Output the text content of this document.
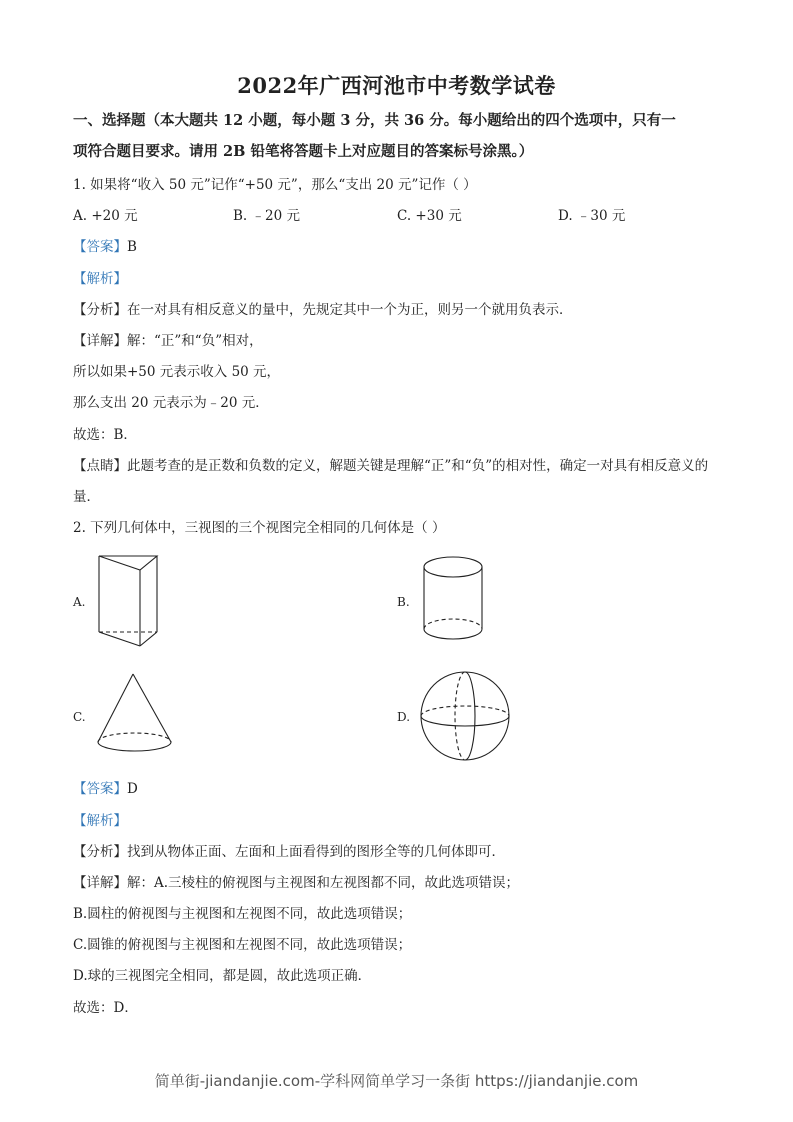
2022年广西河池市中考数学试卷
一、选择题（本大题共 12 小题，每小题 3 分，共 36 分。每小题给出的四个选项中，只有一
项符合题目要求。请用 2B 铅笔将答题卡上对应题目的答案标号涂黑。）
1. 如果将“收入 50 元”记作“+50 元”，那么“支出 20 元”记作（ ）
A. +20 元	B. ﹣20 元	C. +30 元	D. ﹣30 元
【答案】B
【解析】
【分析】在一对具有相反意义的量中，先规定其中一个为正，则另一个就用负表示．
【详解】解：“正”和“负”相对，
所以如果+50 元表示收入 50 元，
那么支出 20 元表示为﹣20 元．
故选：B．
【点睛】此题考查的是正数和负数的定义，解题关键是理解“正”和“负”的相对性，确定一对具有相反意义的
量．
2. 下列几何体中，三视图的三个视图完全相同的几何体是（ ）
A.	B.
C.	D.
【答案】D
【解析】
【分析】找到从物体正面、左面和上面看得到的图形全等的几何体即可．
【详解】解：A.三棱柱的俯视图与主视图和左视图都不同，故此选项错误；
B.圆柱的俯视图与主视图和左视图不同，故此选项错误；
C.圆锥的俯视图与主视图和左视图不同，故此选项错误；
D.球的三视图完全相同，都是圆，故此选项正确．
故选：D．
简单街-jiandanjie.com-学科网简单学习一条街 https://jiandanjie.com
